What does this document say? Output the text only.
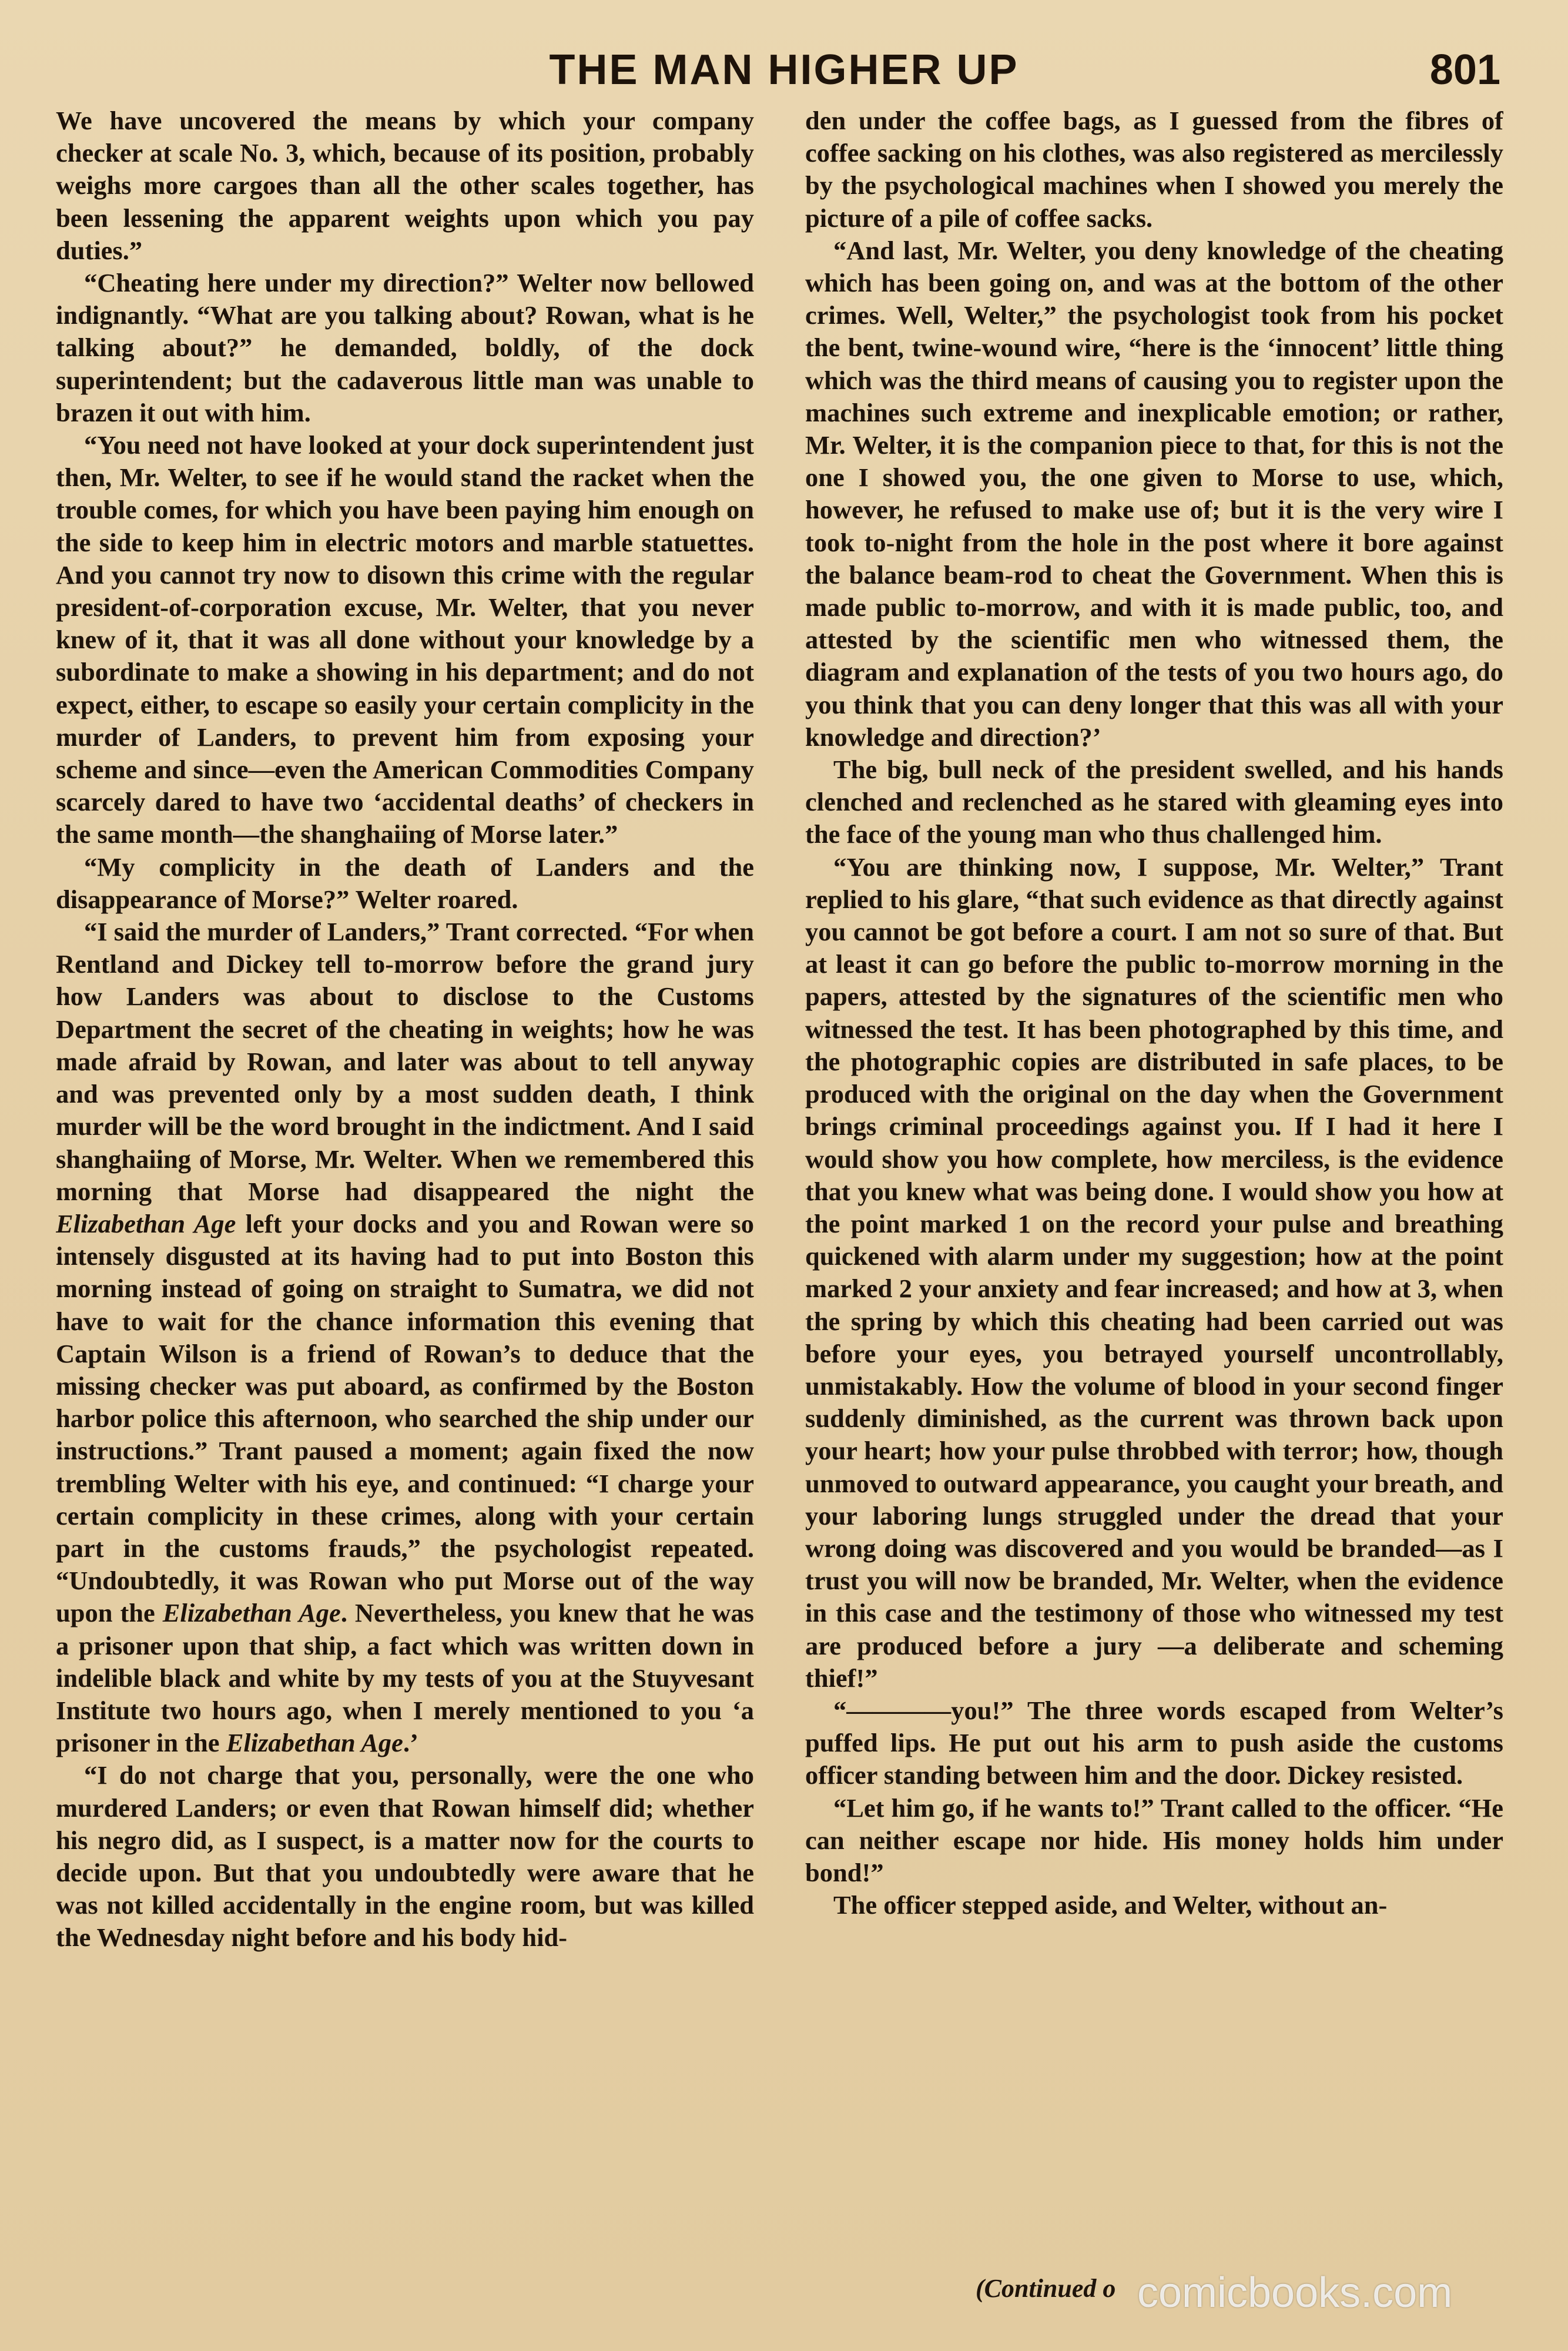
THE MAN HIGHER UP	801

We have uncovered the means by which your company checker at scale No. 3, which, because of its position, probably weighs more cargoes than all the other scales together, has been lessening the apparent weights upon which you pay duties.”

“Cheating here under my direction?” Welter now bellowed indignantly. “What are you talking about? Rowan, what is he talking about?” he demanded, boldly, of the dock superintendent; but the cadaverous little man was unable to brazen it out with him.

“You need not have looked at your dock superintendent just then, Mr. Welter, to see if he would stand the racket when the trouble comes, for which you have been paying him enough on the side to keep him in electric motors and marble statuettes. And you cannot try now to disown this crime with the regular president-of-corporation excuse, Mr. Welter, that you never knew of it, that it was all done without your knowledge by a subordinate to make a showing in his department; and do not expect, either, to escape so easily your certain complicity in the murder of Landers, to prevent him from exposing your scheme and since—even the American Commodities Company scarcely dared to have two ‘accidental deaths’ of checkers in the same month—the shanghaiing of Morse later.”

“My complicity in the death of Landers and the disappearance of Morse?” Welter roared.

“I said the murder of Landers,” Trant corrected. “For when Rentland and Dickey tell to-morrow before the grand jury how Landers was about to disclose to the Customs Department the secret of the cheating in weights; how he was made afraid by Rowan, and later was about to tell anyway and was prevented only by a most sudden death, I think murder will be the word brought in the indictment. And I said shanghaiing of Morse, Mr. Welter. When we remembered this morning that Morse had disappeared the night the Elizabethan Age left your docks and you and Rowan were so intensely disgusted at its having had to put into Boston this morning instead of going on straight to Sumatra, we did not have to wait for the chance information this evening that Captain Wilson is a friend of Rowan’s to deduce that the missing checker was put aboard, as confirmed by the Boston harbor police this afternoon, who searched the ship under our instructions.” Trant paused a moment; again fixed the now trembling Welter with his eye, and continued: “I charge your certain complicity in these crimes, along with your certain part in the customs frauds,” the psychologist repeated. “Undoubtedly, it was Rowan who put Morse out of the way upon the Elizabethan Age. Nevertheless, you knew that he was a prisoner upon that ship, a fact which was written down in indelible black and white by my tests of you at the Stuyvesant Institute two hours ago, when I merely mentioned to you ‘a prisoner in the Elizabethan Age.’

“I do not charge that you, personally, were the one who murdered Landers; or even that Rowan himself did; whether his negro did, as I suspect, is a matter now for the courts to decide upon. But that you undoubtedly were aware that he was not killed accidentally in the engine room, but was killed the Wednesday night before and his body hid-

den under the coffee bags, as I guessed from the fibres of coffee sacking on his clothes, was also registered as mercilessly by the psychological machines when I showed you merely the picture of a pile of coffee sacks.

“And last, Mr. Welter, you deny knowledge of the cheating which has been going on, and was at the bottom of the other crimes. Well, Welter,” the psychologist took from his pocket the bent, twine-wound wire, “here is the ‘innocent’ little thing which was the third means of causing you to register upon the machines such extreme and inexplicable emotion; or rather, Mr. Welter, it is the companion piece to that, for this is not the one I showed you, the one given to Morse to use, which, however, he refused to make use of; but it is the very wire I took to-night from the hole in the post where it bore against the balance beam-rod to cheat the Government. When this is made public to-morrow, and with it is made public, too, and attested by the scientific men who witnessed them, the diagram and explanation of the tests of you two hours ago, do you think that you can deny longer that this was all with your knowledge and direction?’

The big, bull neck of the president swelled, and his hands clenched and reclenched as he stared with gleaming eyes into the face of the young man who thus challenged him.

“You are thinking now, I suppose, Mr. Welter,” Trant replied to his glare, “that such evidence as that directly against you cannot be got before a court. I am not so sure of that. But at least it can go before the public to-morrow morning in the papers, attested by the signatures of the scientific men who witnessed the test. It has been photographed by this time, and the photographic copies are distributed in safe places, to be produced with the original on the day when the Government brings criminal proceedings against you. If I had it here I would show you how complete, how merciless, is the evidence that you knew what was being done. I would show you how at the point marked 1 on the record your pulse and breathing quickened with alarm under my suggestion; how at the point marked 2 your anxiety and fear increased; and how at 3, when the spring by which this cheating had been carried out was before your eyes, you betrayed yourself uncontrollably, unmistakably. How the volume of blood in your second finger suddenly diminished, as the current was thrown back upon your heart; how your pulse throbbed with terror; how, though unmoved to outward appearance, you caught your breath, and your laboring lungs struggled under the dread that your wrong doing was discovered and you would be branded—as I trust you will now be branded, Mr. Welter, when the evidence in this case and the testimony of those who witnessed my test are produced before a jury —a deliberate and scheming thief!”

“————you!” The three words escaped from Welter’s puffed lips. He put out his arm to push aside the customs officer standing between him and the door. Dickey resisted.

“Let him go, if he wants to!” Trant called to the officer. “He can neither escape nor hide. His money holds him under bond!”

The officer stepped aside, and Welter, without an-

(Continued o comicbooks.com
